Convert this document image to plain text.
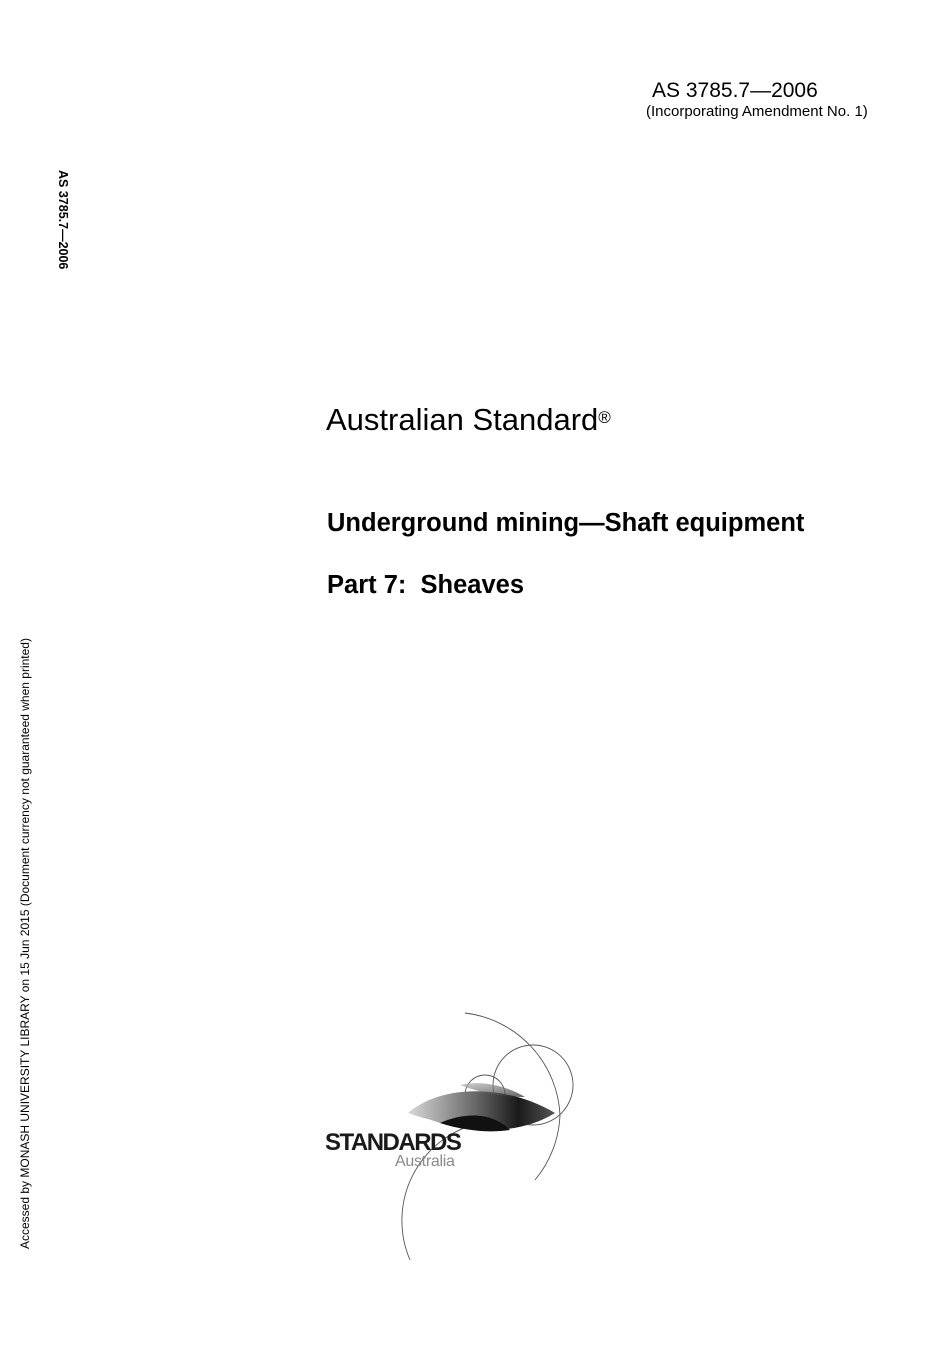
AS 3785.7—2006
(Incorporating Amendment No. 1)
AS 3785.7—2006
Accessed by MONASH UNIVERSITY LIBRARY on 15 Jun 2015 (Document currency not guaranteed when printed)
Australian Standard®
Underground mining—Shaft equipment
Part 7:  Sheaves
STANDARDS
Australia
